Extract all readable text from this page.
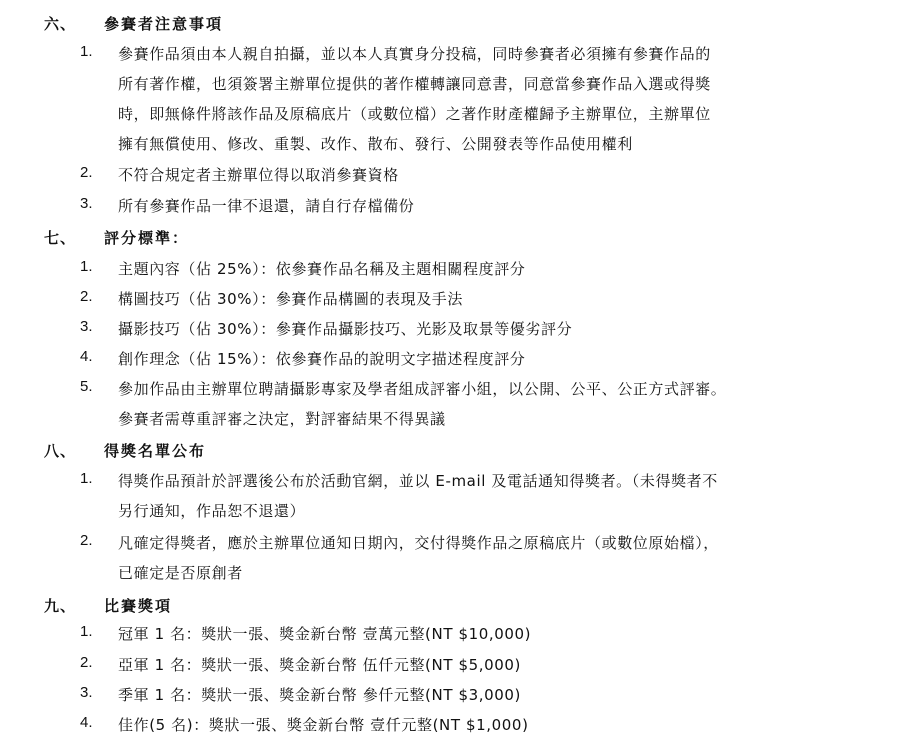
六、 參賽者注意事項
1. 參賽作品須由本人親自拍攝，並以本人真實身分投稿，同時參賽者必須擁有參賽作品的
所有著作權，也須簽署主辦單位提供的著作權轉讓同意書，同意當參賽作品入選或得獎
時，即無條件將該作品及原稿底片（或數位檔）之著作財產權歸予主辦單位，主辦單位
擁有無償使用、修改、重製、改作、散布、發行、公開發表等作品使用權利
2. 不符合規定者主辦單位得以取消參賽資格
3. 所有參賽作品一律不退還，請自行存檔備份
七、 評分標準：
1. 主題內容（佔 25%）：依參賽作品名稱及主題相關程度評分
2. 構圖技巧（佔 30%）：參賽作品構圖的表現及手法
3. 攝影技巧（佔 30%）：參賽作品攝影技巧、光影及取景等優劣評分
4. 創作理念（佔 15%）：依參賽作品的說明文字描述程度評分
5. 參加作品由主辦單位聘請攝影專家及學者組成評審小組，以公開、公平、公正方式評審。
參賽者需尊重評審之決定，對評審結果不得異議
八、 得獎名單公布
1. 得獎作品預計於評選後公布於活動官網，並以 E-mail 及電話通知得獎者。（未得獎者不
另行通知，作品恕不退還）
2. 凡確定得獎者，應於主辦單位通知日期內，交付得獎作品之原稿底片（或數位原始檔），
已確定是否原創者
九、 比賽獎項
1. 冠軍 1 名：獎狀一張、獎金新台幣 壹萬元整(NT $10,000)
2. 亞軍 1 名：獎狀一張、獎金新台幣 伍仟元整(NT $5,000)
3. 季軍 1 名：獎狀一張、獎金新台幣 參仟元整(NT $3,000)
4. 佳作(5 名)：獎狀一張、獎金新台幣 壹仟元整(NT $1,000)
